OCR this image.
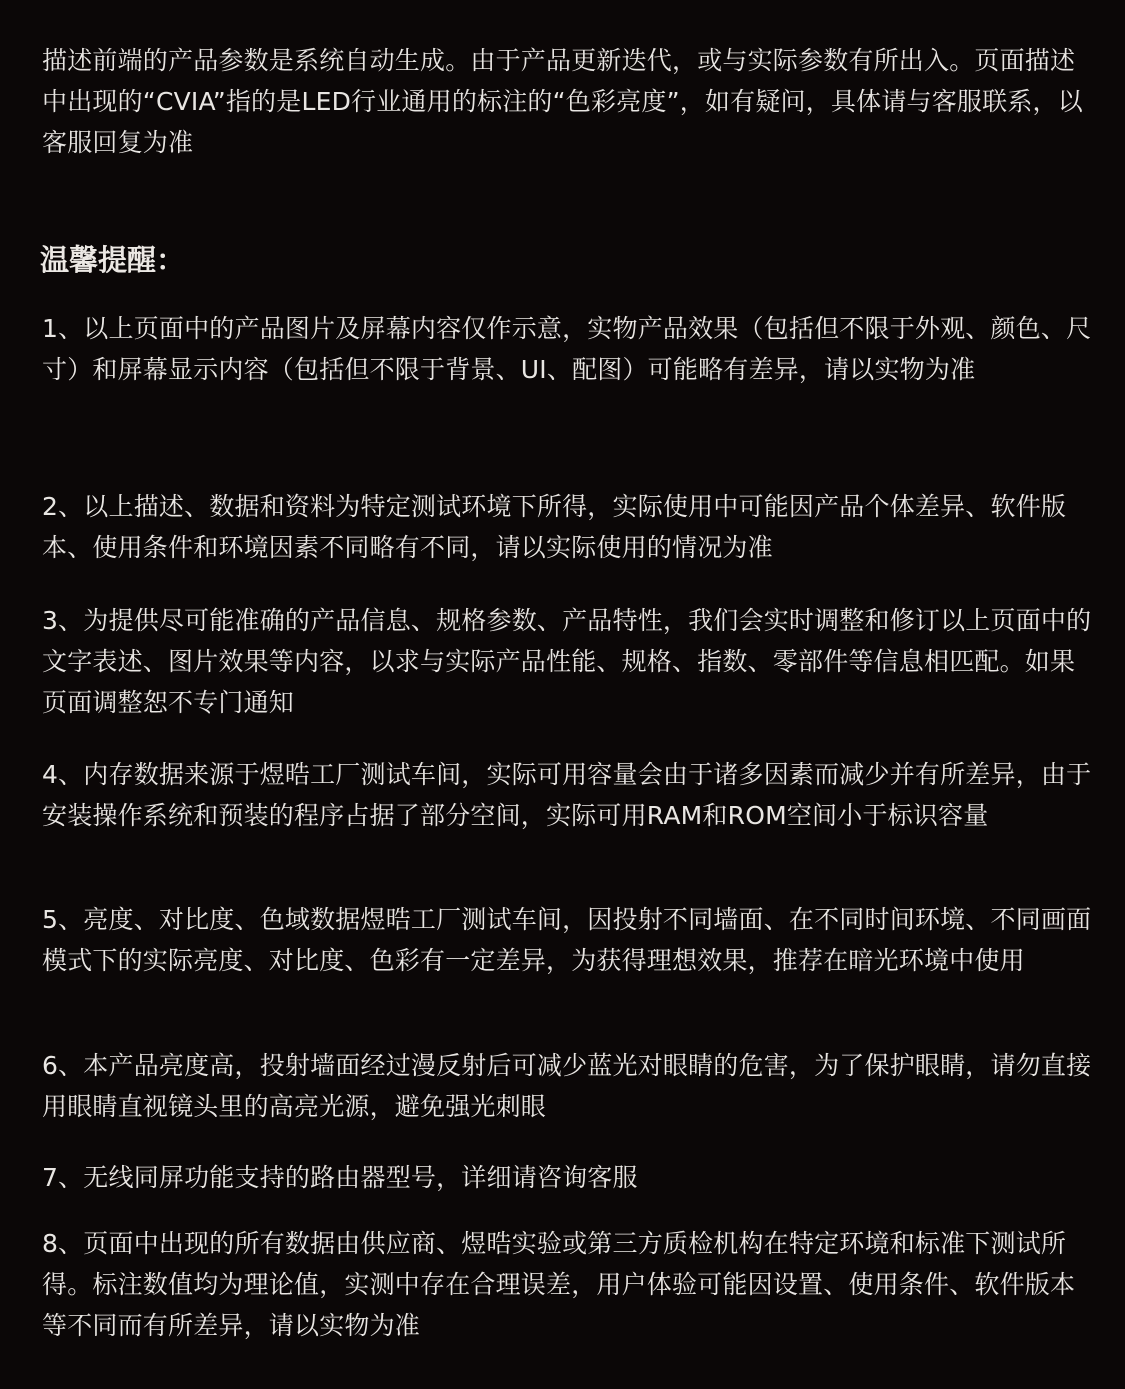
描述前端的产品参数是系统自动生成。由于产品更新迭代，或与实际参数有所出入。页面描述中出现的“CVIA”指的是LED行业通用的标注的“色彩亮度”，如有疑问，具体请与客服联系，以客服回复为准

温馨提醒：

1、以上页面中的产品图片及屏幕内容仅作示意，实物产品效果（包括但不限于外观、颜色、尺寸）和屏幕显示内容（包括但不限于背景、UI、配图）可能略有差异，请以实物为准

2、以上描述、数据和资料为特定测试环境下所得，实际使用中可能因产品个体差异、软件版本、使用条件和环境因素不同略有不同，请以实际使用的情况为准

3、为提供尽可能准确的产品信息、规格参数、产品特性，我们会实时调整和修订以上页面中的文字表述、图片效果等内容，以求与实际产品性能、规格、指数、零部件等信息相匹配。如果页面调整恕不专门通知

4、内存数据来源于煜晧工厂测试车间，实际可用容量会由于诸多因素而减少并有所差异，由于安装操作系统和预装的程序占据了部分空间，实际可用RAM和ROM空间小于标识容量

5、亮度、对比度、色域数据煜晧工厂测试车间，因投射不同墙面、在不同时间环境、不同画面模式下的实际亮度、对比度、色彩有一定差异，为获得理想效果，推荐在暗光环境中使用

6、本产品亮度高，投射墙面经过漫反射后可减少蓝光对眼睛的危害，为了保护眼睛，请勿直接用眼睛直视镜头里的高亮光源，避免强光刺眼

7、无线同屏功能支持的路由器型号，详细请咨询客服

8、页面中出现的所有数据由供应商、煜晧实验或第三方质检机构在特定环境和标准下测试所得。标注数值均为理论值，实测中存在合理误差，用户体验可能因设置、使用条件、软件版本等不同而有所差异，请以实物为准
